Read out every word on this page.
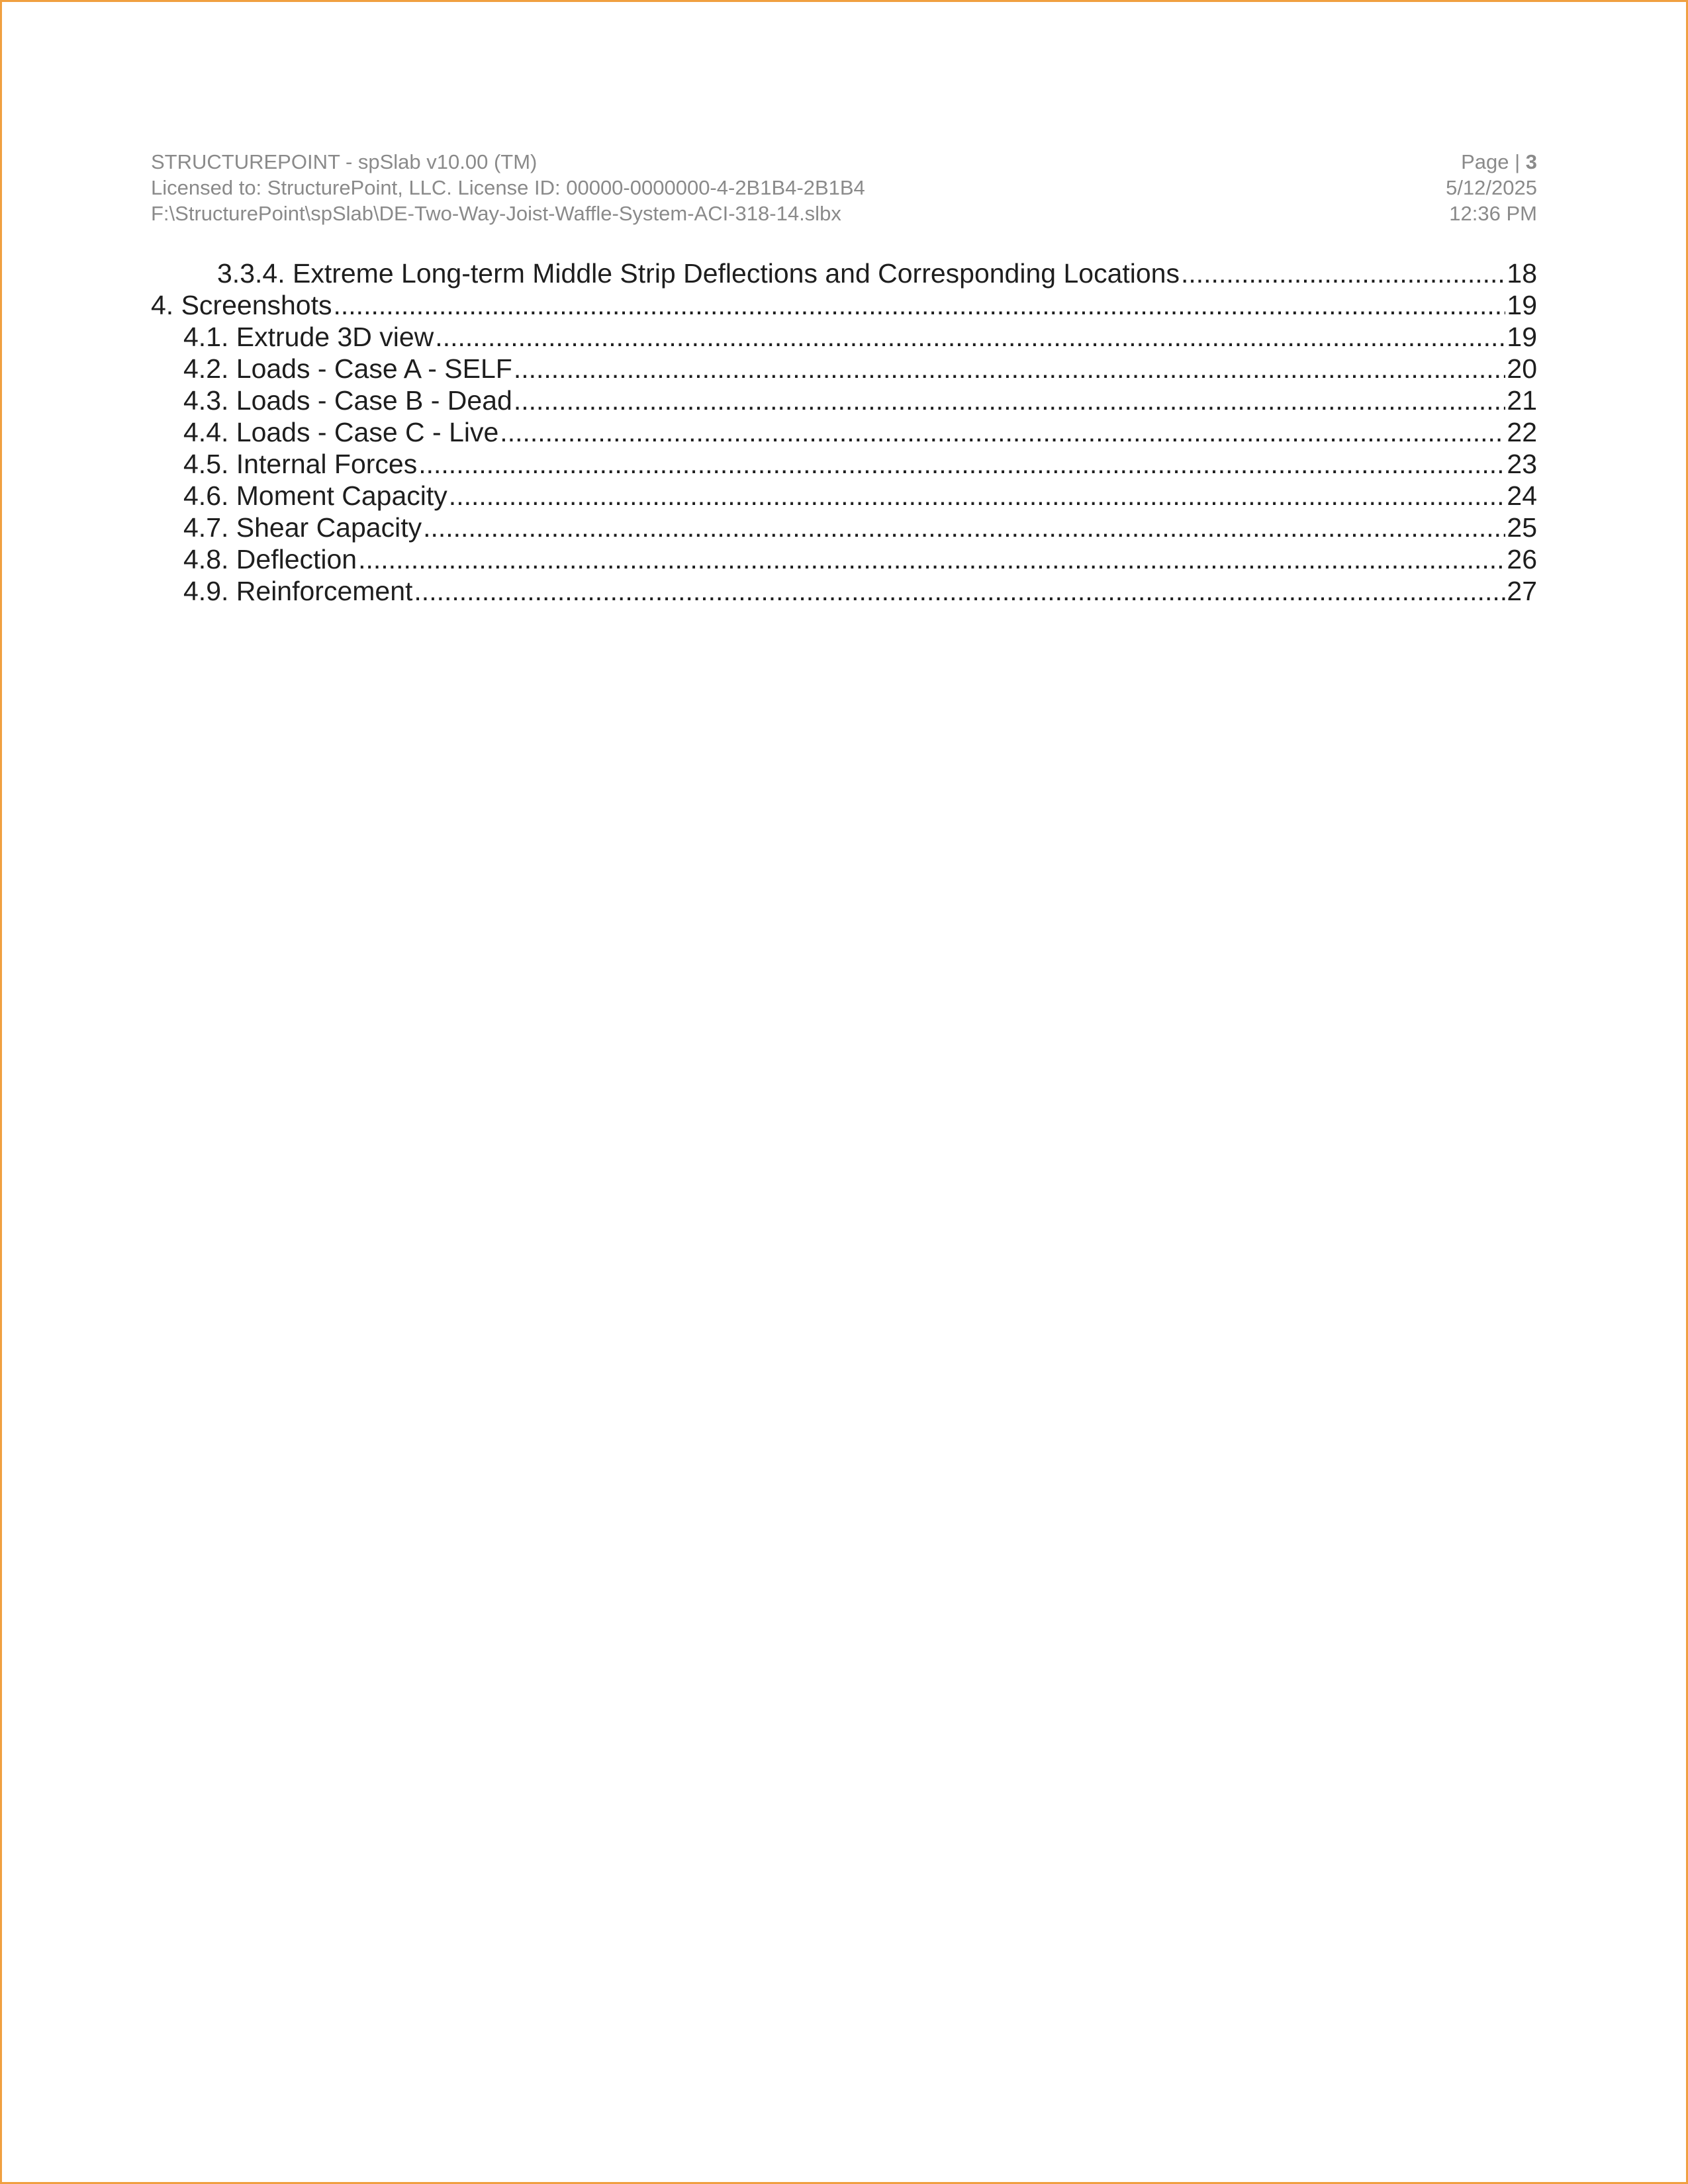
STRUCTUREPOINT - spSlab v10.00 (TM)	Page | 3
Licensed to: StructurePoint, LLC. License ID: 00000-0000000-4-2B1B4-2B1B4	5/12/2025
F:\StructurePoint\spSlab\DE-Two-Way-Joist-Waffle-System-ACI-318-14.slbx	12:36 PM
3.3.4. Extreme Long-term Middle Strip Deflections and Corresponding Locations .....	18
4. Screenshots .....	19
4.1. Extrude 3D view .....	19
4.2. Loads - Case A - SELF .....	20
4.3. Loads - Case B - Dead .....	21
4.4. Loads - Case C - Live .....	22
4.5. Internal Forces .....	23
4.6. Moment Capacity .....	24
4.7. Shear Capacity .....	25
4.8. Deflection .....	26
4.9. Reinforcement .....	27
